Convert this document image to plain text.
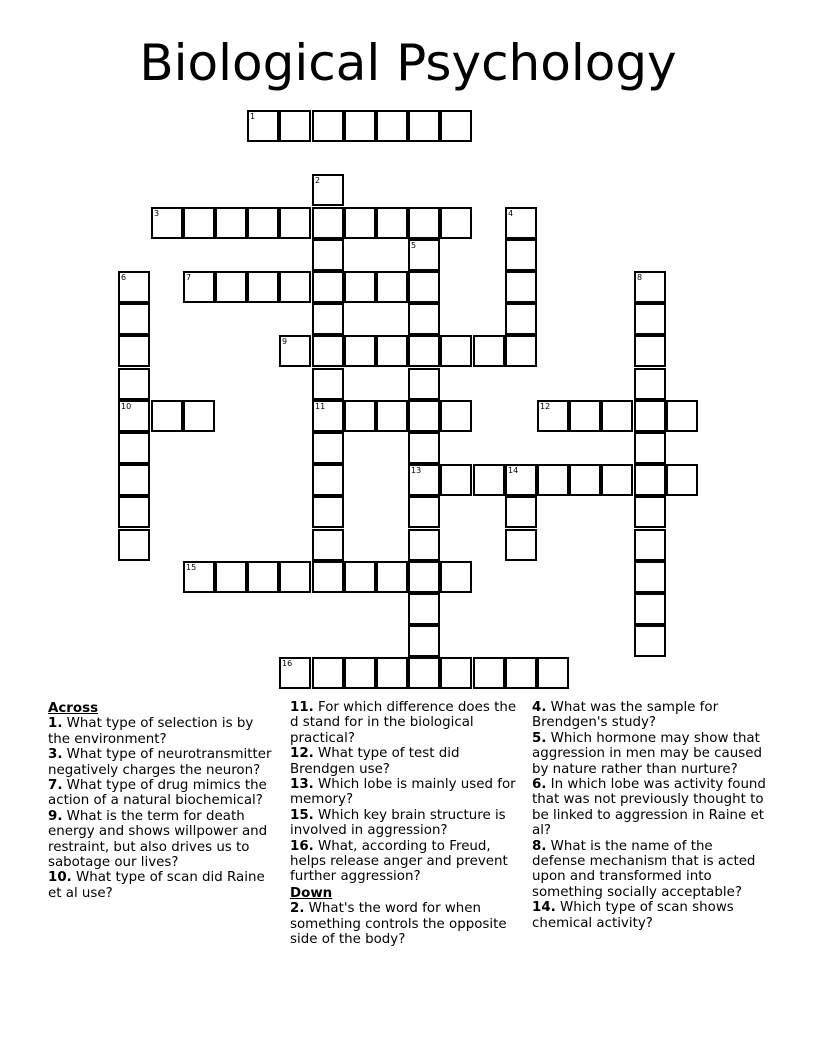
Biological Psychology
1
2
11
3	4
5
13
6
10
7	8
9
12
14
15
16
Across
1. What type of selection is by the environment?
3. What type of neurotransmitter negatively charges the neuron?
7. What type of drug mimics the action of a natural biochemical?
9. What is the term for death energy and shows willpower and restraint, but also drives us to sabotage our lives?
10. What type of scan did Raine et al use?
11. For which difference does the d stand for in the biological practical?
12. What type of test did Brendgen use?
13. Which lobe is mainly used for memory?
15. Which key brain structure is involved in aggression?
16. What, according to Freud, helps release anger and prevent further aggression?
Down
2. What's the word for when something controls the opposite side of the body?
4. What was the sample for Brendgen's study?
5. Which hormone may show that aggression in men may be caused by nature rather than nurture?
6. In which lobe was activity found that was not previously thought to be linked to aggression in Raine et al?
8. What is the name of the defense mechanism that is acted upon and transformed into something socially acceptable?
14. Which type of scan shows chemical activity?
